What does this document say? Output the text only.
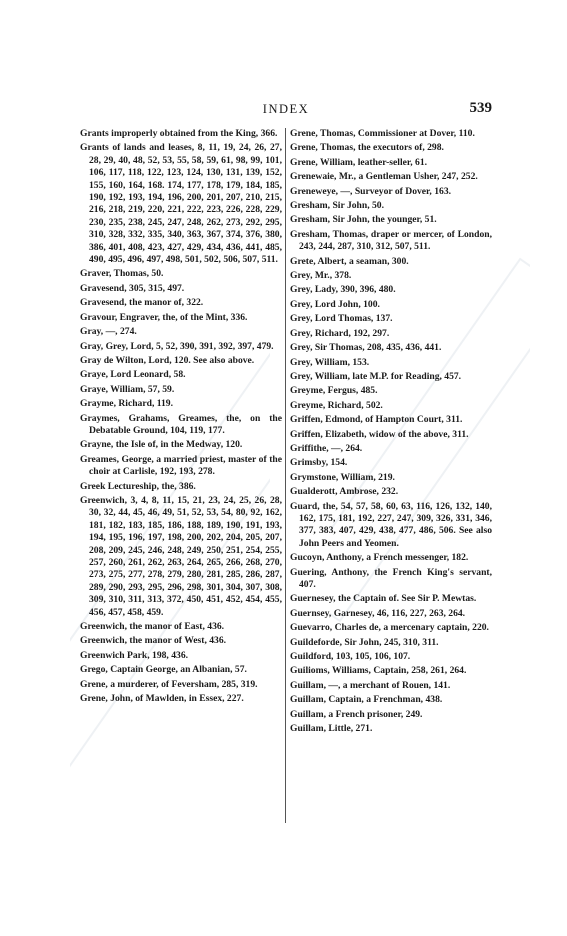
INDEX	539
Grants improperly obtained from the King, 366.
Grants of lands and leases, 8, 11, 19, 24, 26, 27, 28, 29, 40, 48, 52, 53, 55, 58, 59, 61, 98, 99, 101, 106, 117, 118, 122, 123, 124, 130, 131, 139, 152, 155, 160, 164, 168. 174, 177, 178, 179, 184, 185, 190, 192, 193, 194, 196, 200, 201, 207, 210, 215, 216, 218, 219, 220, 221, 222, 223, 226, 228, 229, 230, 235, 238, 245, 247, 248, 262, 273, 292, 295, 310, 328, 332, 335, 340, 363, 367, 374, 376, 380, 386, 401, 408, 423, 427, 429, 434, 436, 441, 485, 490, 495, 496, 497, 498, 501, 502, 506, 507, 511.
Graver, Thomas, 50.
Gravesend, 305, 315, 497.
Gravesend, the manor of, 322.
Gravour, Engraver, the, of the Mint, 336.
Gray, —, 274.
Gray, Grey, Lord, 5, 52, 390, 391, 392, 397, 479.
Gray de Wilton, Lord, 120. See also above.
Graye, Lord Leonard, 58.
Graye, William, 57, 59.
Grayme, Richard, 119.
Graymes, Grahams, Greames, the, on the Debatable Ground, 104, 119, 177.
Grayne, the Isle of, in the Medway, 120.
Greames, George, a married priest, master of the choir at Carlisle, 192, 193, 278.
Greek Lectureship, the, 386.
Greenwich, 3, 4, 8, 11, 15, 21, 23, 24, 25, 26, 28, 30, 32, 44, 45, 46, 49, 51, 52, 53, 54, 80, 92, 162, 181, 182, 183, 185, 186, 188, 189, 190, 191, 193, 194, 195, 196, 197, 198, 200, 202, 204, 205, 207, 208, 209, 245, 246, 248, 249, 250, 251, 254, 255, 257, 260, 261, 262, 263, 264, 265, 266, 268, 270, 273, 275, 277, 278, 279, 280, 281, 285, 286, 287, 289, 290, 293, 295, 296, 298, 301, 304, 307, 308, 309, 310, 311, 313, 372, 450, 451, 452, 454, 455, 456, 457, 458, 459.
Greenwich, the manor of East, 436.
Greenwich, the manor of West, 436.
Greenwich Park, 198, 436.
Grego, Captain George, an Albanian, 57.
Grene, a murderer, of Feversham, 285, 319.
Grene, John, of Mawlden, in Essex, 227.
Grene, Thomas, Commissioner at Dover, 110.
Grene, Thomas, the executors of, 298.
Grene, William, leather-seller, 61.
Grenewaie, Mr., a Gentleman Usher, 247, 252.
Greneweye, —, Surveyor of Dover, 163.
Gresham, Sir John, 50.
Gresham, Sir John, the younger, 51.
Gresham, Thomas, draper or mercer, of London, 243, 244, 287, 310, 312, 507, 511.
Grete, Albert, a seaman, 300.
Grey, Mr., 378.
Grey, Lady, 390, 396, 480.
Grey, Lord John, 100.
Grey, Lord Thomas, 137.
Grey, Richard, 192, 297.
Grey, Sir Thomas, 208, 435, 436, 441.
Grey, William, 153.
Grey, William, late M.P. for Reading, 457.
Greyme, Fergus, 485.
Greyme, Richard, 502.
Griffen, Edmond, of Hampton Court, 311.
Griffen, Elizabeth, widow of the above, 311.
Griffithe, —, 264.
Grimsby, 154.
Grymstone, William, 219.
Gualderott, Ambrose, 232.
Guard, the, 54, 57, 58, 60, 63, 116, 126, 132, 140, 162, 175, 181, 192, 227, 247, 309, 326, 331, 346, 377, 383, 407, 429, 438, 477, 486, 506. See also John Peers and Yeomen.
Gucoyn, Anthony, a French messenger, 182.
Guering, Anthony, the French King's servant, 407.
Guernesey, the Captain of. See Sir P. Mewtas.
Guernsey, Garnesey, 46, 116, 227, 263, 264.
Guevarro, Charles de, a mercenary captain, 220.
Guildeforde, Sir John, 245, 310, 311.
Guildford, 103, 105, 106, 107.
Guilioms, Williams, Captain, 258, 261, 264.
Guillam, —, a merchant of Rouen, 141.
Guillam, Captain, a Frenchman, 438.
Guillam, a French prisoner, 249.
Guillam, Little, 271.
